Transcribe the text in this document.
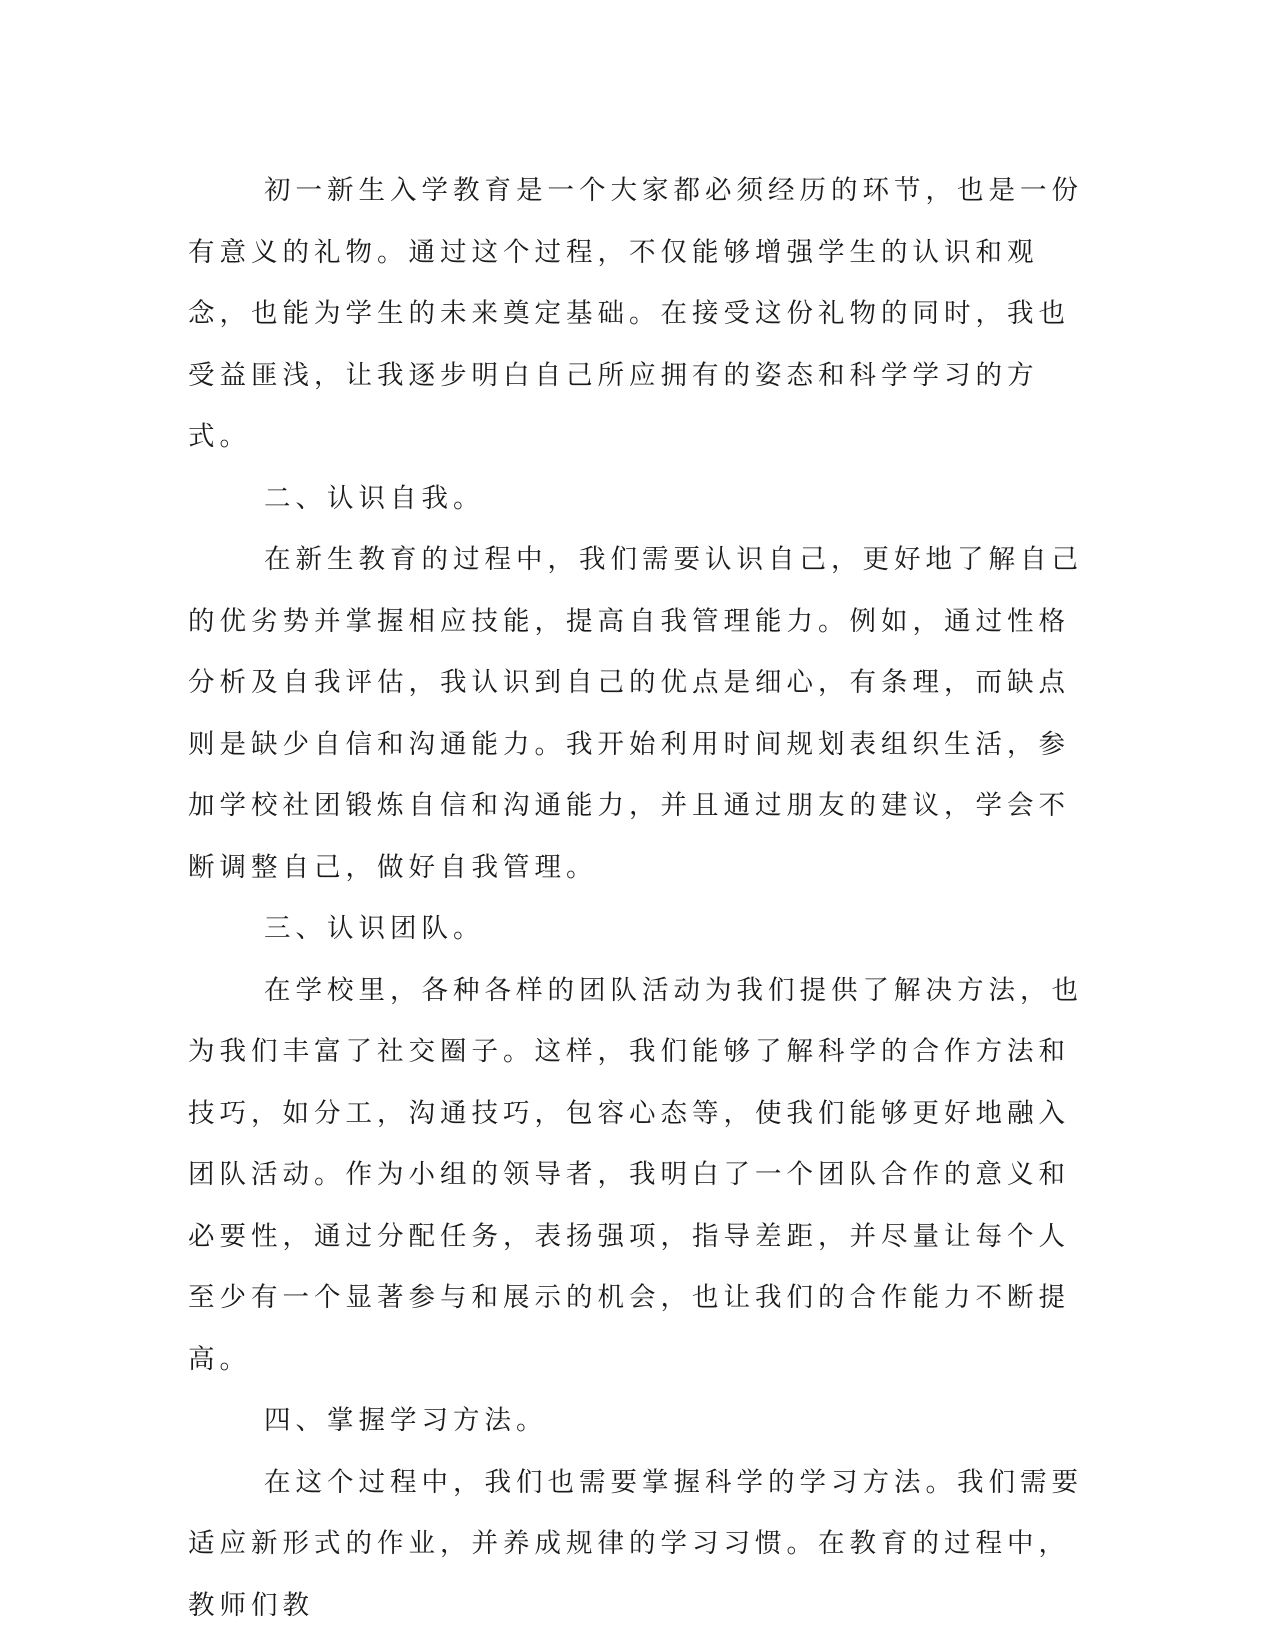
初一新生入学教育是一个大家都必须经历的环节，也是一份有意义的礼物。通过这个过程，不仅能够增强学生的认识和观念，也能为学生的未来奠定基础。在接受这份礼物的同时，我也受益匪浅，让我逐步明白自己所应拥有的姿态和科学学习的方式。

二、认识自我。

在新生教育的过程中，我们需要认识自己，更好地了解自己的优劣势并掌握相应技能，提高自我管理能力。例如，通过性格分析及自我评估，我认识到自己的优点是细心，有条理，而缺点则是缺少自信和沟通能力。我开始利用时间规划表组织生活，参加学校社团锻炼自信和沟通能力，并且通过朋友的建议，学会不断调整自己，做好自我管理。

三、认识团队。

在学校里，各种各样的团队活动为我们提供了解决方法，也为我们丰富了社交圈子。这样，我们能够了解科学的合作方法和技巧，如分工，沟通技巧，包容心态等，使我们能够更好地融入团队活动。作为小组的领导者，我明白了一个团队合作的意义和必要性，通过分配任务，表扬强项，指导差距，并尽量让每个人至少有一个显著参与和展示的机会，也让我们的合作能力不断提高。

四、掌握学习方法。

在这个过程中，我们也需要掌握科学的学习方法。我们需要适应新形式的作业，并养成规律的学习习惯。在教育的过程中，教师们教
